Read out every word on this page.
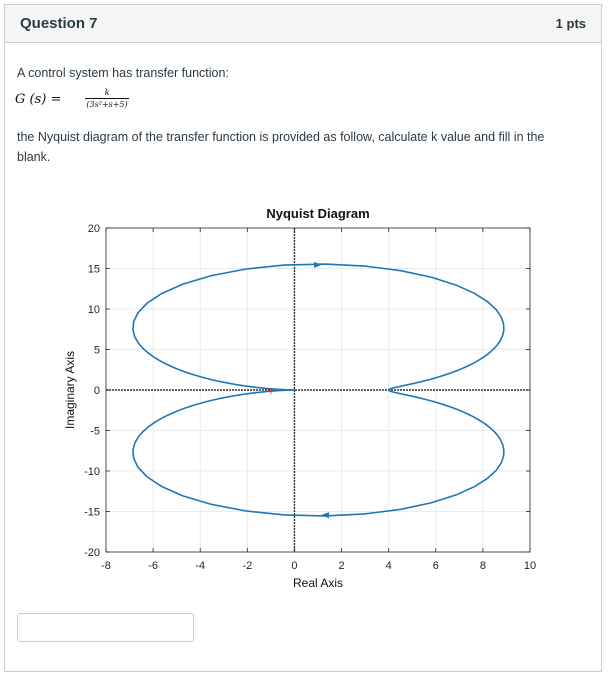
Question 7	1 pts
A control system has transfer function:
G (s) =	k
(3s²+s+5)
the Nyquist diagram of the transfer function is provided as follow, calculate k value and fill in the blank.
+
-8	-6	-4	-2	0	2	4	6	8	10
20
15
10
5
0
-5
-10
-15
-20
Nyquist Diagram
Real Axis
Imaginary Axis
